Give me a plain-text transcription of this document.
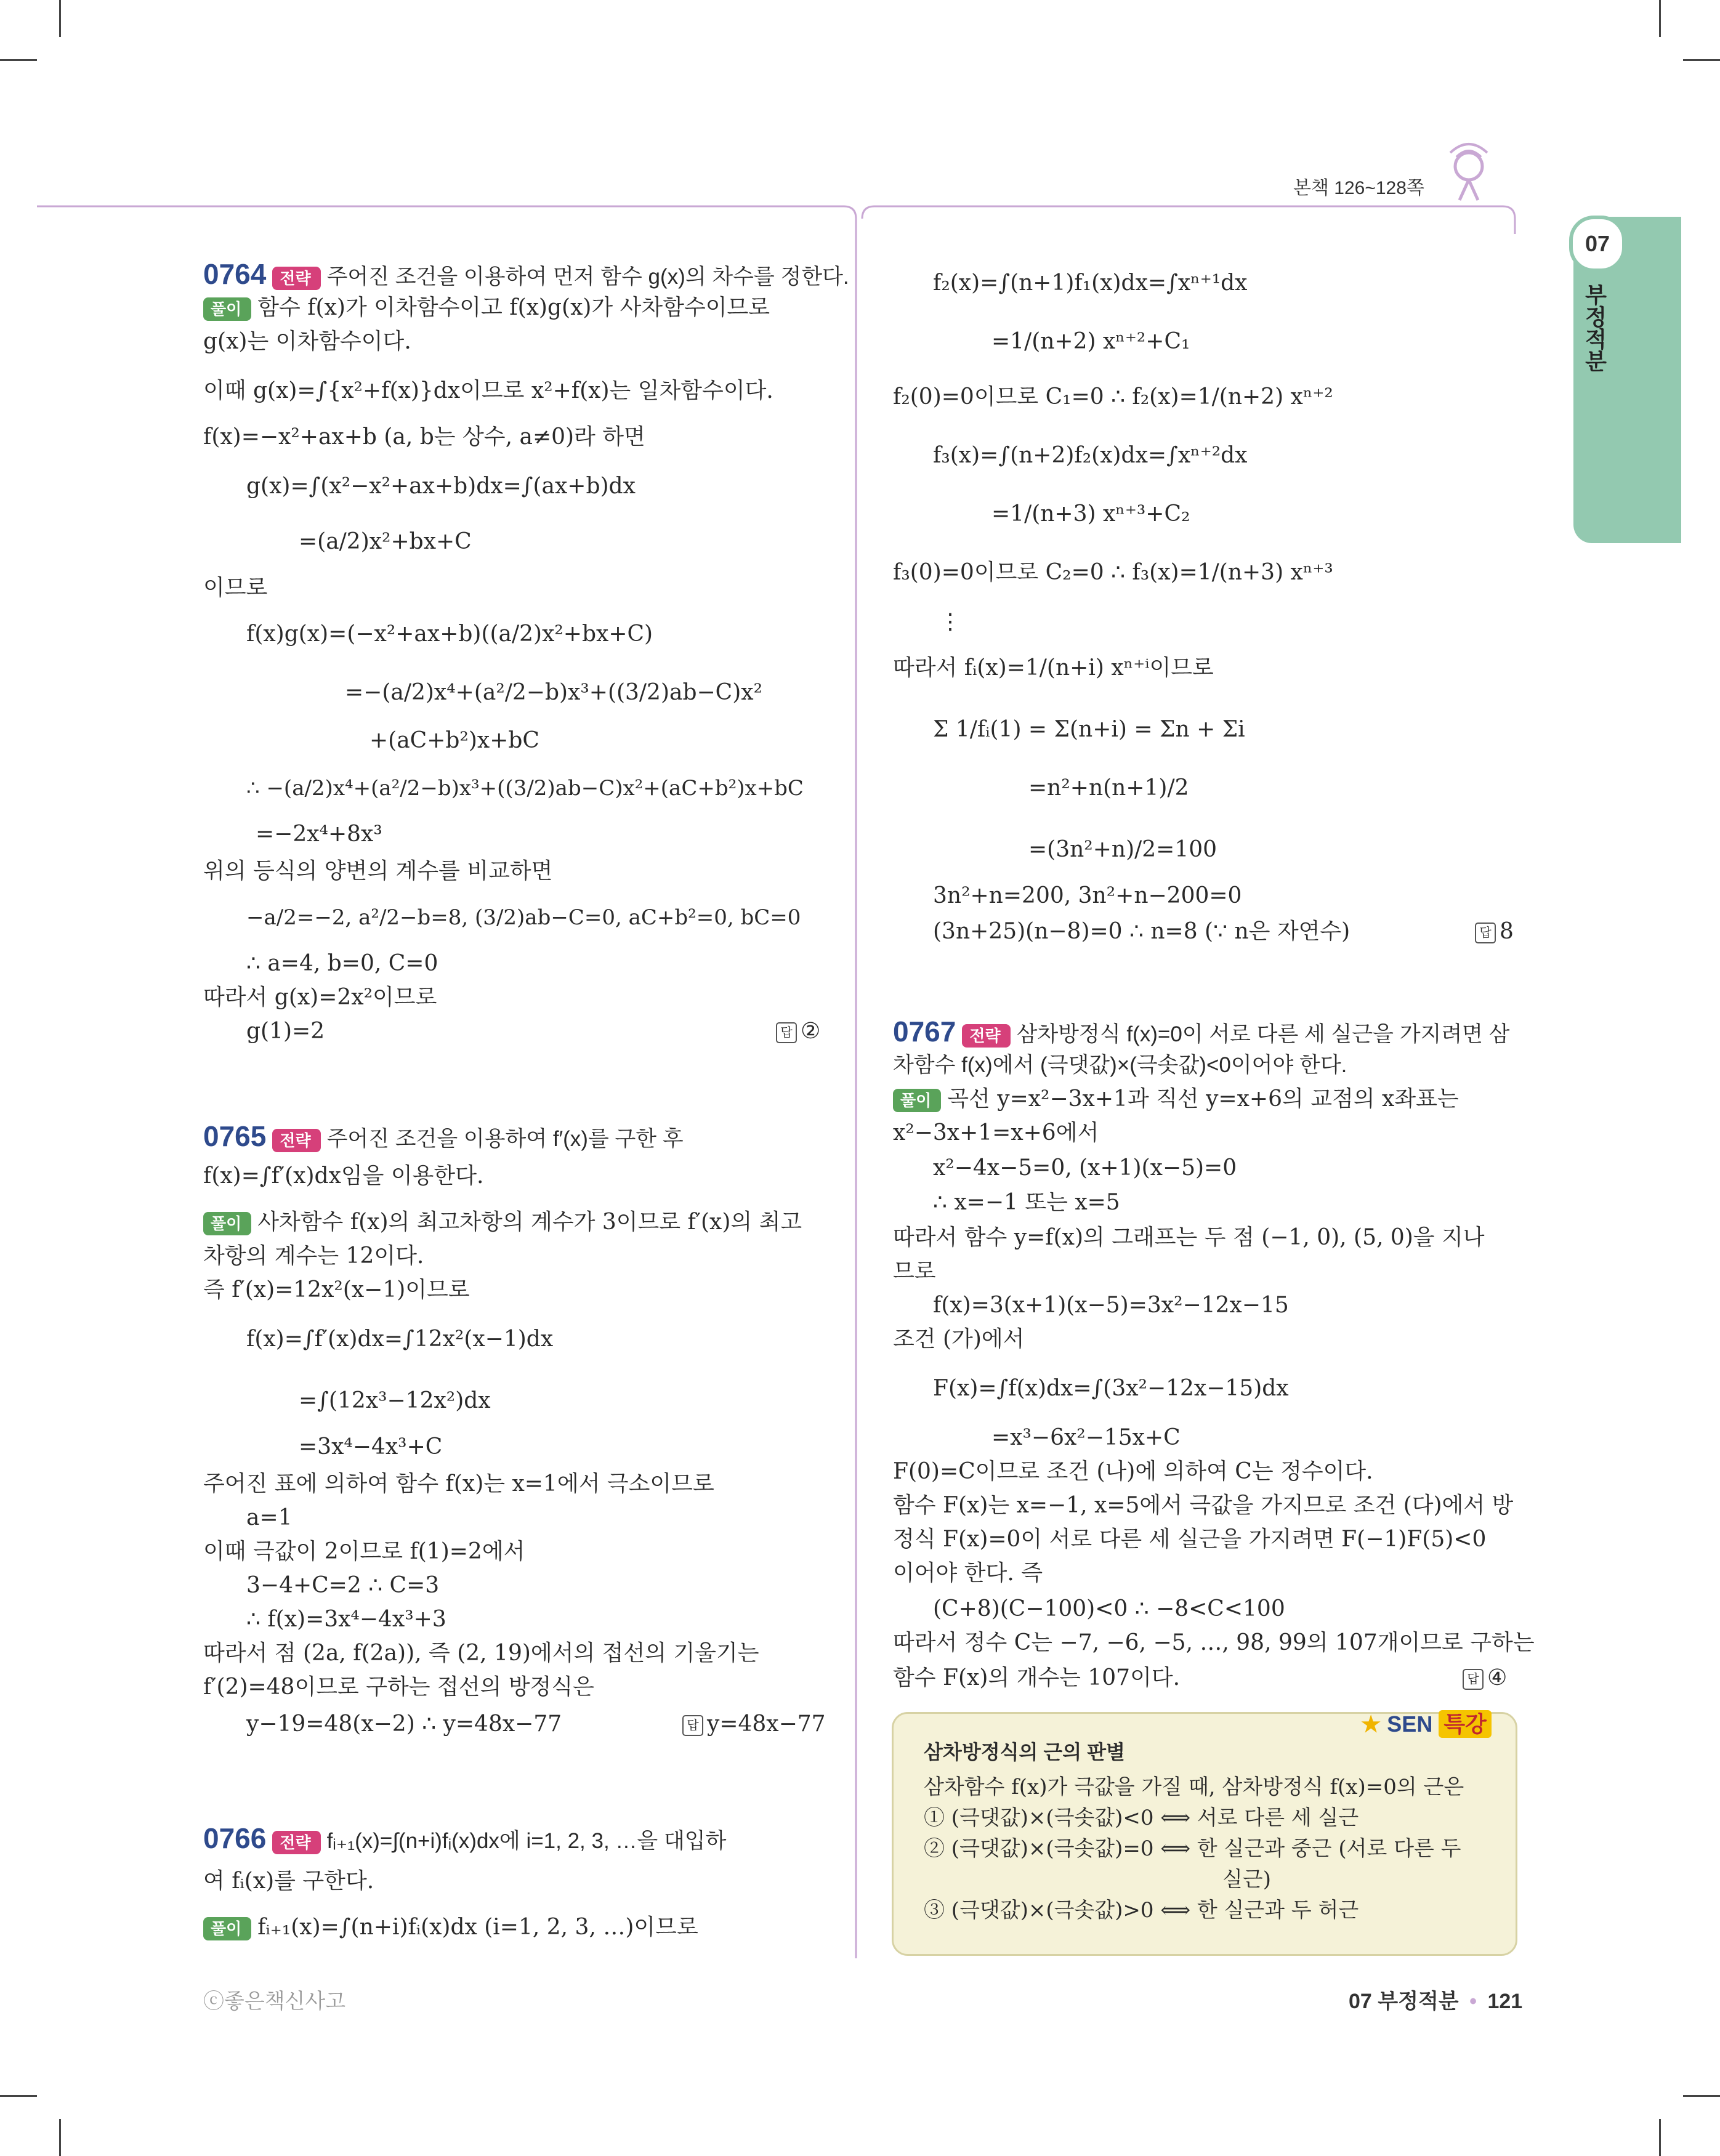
본책 126~128쪽
07
부정적분
0764 전략 주어진 조건을 이용하여 먼저 함수 g(x)의 차수를 정한다.
풀이 함수 f(x)가 이차함수이고 f(x)g(x)가 사차함수이므로
g(x)는 이차함수이다.
이때 g(x)=∫{x²+f(x)}dx이므로 x²+f(x)는 일차함수이다.
f(x)=−x²+ax+b (a, b는 상수, a≠0)라 하면
g(x)=∫(x²−x²+ax+b)dx=∫(ax+b)dx
=(a/2)x²+bx+C
이므로
f(x)g(x)=(−x²+ax+b)((a/2)x²+bx+C)
=−(a/2)x⁴+(a²/2−b)x³+((3/2)ab−C)x²
+(aC+b²)x+bC
∴ −(a/2)x⁴+(a²/2−b)x³+((3/2)ab−C)x²+(aC+b²)x+bC
=−2x⁴+8x³
위의 등식의 양변의 계수를 비교하면
−a/2=−2, a²/2−b=8, (3/2)ab−C=0, aC+b²=0, bC=0
∴ a=4, b=0, C=0
따라서 g(x)=2x²이므로
g(1)=2	답 ②
0765 전략 주어진 조건을 이용하여 f′(x)를 구한 후
f(x)=∫f′(x)dx임을 이용한다.
풀이 사차함수 f(x)의 최고차항의 계수가 3이므로 f′(x)의 최고
차항의 계수는 12이다.
즉 f′(x)=12x²(x−1)이므로
f(x)=∫f′(x)dx=∫12x²(x−1)dx
=∫(12x³−12x²)dx
=3x⁴−4x³+C
주어진 표에 의하여 함수 f(x)는 x=1에서 극소이므로
a=1
이때 극값이 2이므로 f(1)=2에서
3−4+C=2 ∴ C=3
∴ f(x)=3x⁴−4x³+3
따라서 점 (2a, f(2a)), 즉 (2, 19)에서의 접선의 기울기는
f′(2)=48이므로 구하는 접선의 방정식은
y−19=48(x−2) ∴ y=48x−77	답 y=48x−77
0766 전략 fᵢ₊₁(x)=∫(n+i)fᵢ(x)dx에 i=1, 2, 3, …을 대입하
여 fᵢ(x)를 구한다.
풀이 fᵢ₊₁(x)=∫(n+i)fᵢ(x)dx (i=1, 2, 3, …)이므로
f₂(x)=∫(n+1)f₁(x)dx=∫xⁿ⁺¹dx
=1/(n+2) xⁿ⁺²+C₁
f₂(0)=0이므로 C₁=0 ∴ f₂(x)=1/(n+2) xⁿ⁺²
f₃(x)=∫(n+2)f₂(x)dx=∫xⁿ⁺²dx
=1/(n+3) xⁿ⁺³+C₂
f₃(0)=0이므로 C₂=0 ∴ f₃(x)=1/(n+3) xⁿ⁺³
⋮
따라서 fᵢ(x)=1/(n+i) xⁿ⁺ⁱ이므로
Σ 1/fᵢ(1) = Σ(n+i) = Σn + Σi
=n²+n(n+1)/2
=(3n²+n)/2=100
3n²+n=200, 3n²+n−200=0
(3n+25)(n−8)=0 ∴ n=8 (∵ n은 자연수)	답 8
0767 전략 삼차방정식 f(x)=0이 서로 다른 세 실근을 가지려면 삼
차함수 f(x)에서 (극댓값)×(극솟값)<0이어야 한다.
풀이 곡선 y=x²−3x+1과 직선 y=x+6의 교점의 x좌표는
x²−3x+1=x+6에서
x²−4x−5=0, (x+1)(x−5)=0
∴ x=−1 또는 x=5
따라서 함수 y=f(x)의 그래프는 두 점 (−1, 0), (5, 0)을 지나
므로
f(x)=3(x+1)(x−5)=3x²−12x−15
조건 (가)에서
F(x)=∫f(x)dx=∫(3x²−12x−15)dx
=x³−6x²−15x+C
F(0)=C이므로 조건 (나)에 의하여 C는 정수이다.
함수 F(x)는 x=−1, x=5에서 극값을 가지므로 조건 (다)에서 방
정식 F(x)=0이 서로 다른 세 실근을 가지려면 F(−1)F(5)<0
이어야 한다. 즉
(C+8)(C−100)<0 ∴ −8<C<100
따라서 정수 C는 −7, −6, −5, …, 98, 99의 107개이므로 구하는
함수 F(x)의 개수는 107이다.	답 ④
★ SEN 특강
삼차방정식의 근의 판별
삼차함수 f(x)가 극값을 가질 때, 삼차방정식 f(x)=0의 근은
① (극댓값)×(극솟값)<0 ⟺ 서로 다른 세 실근
② (극댓값)×(극솟값)=0 ⟺ 한 실근과 중근 (서로 다른 두
실근)
③ (극댓값)×(극솟값)>0 ⟺ 한 실근과 두 허근
ⓒ좋은책신사고	07 부정적분 • 121
